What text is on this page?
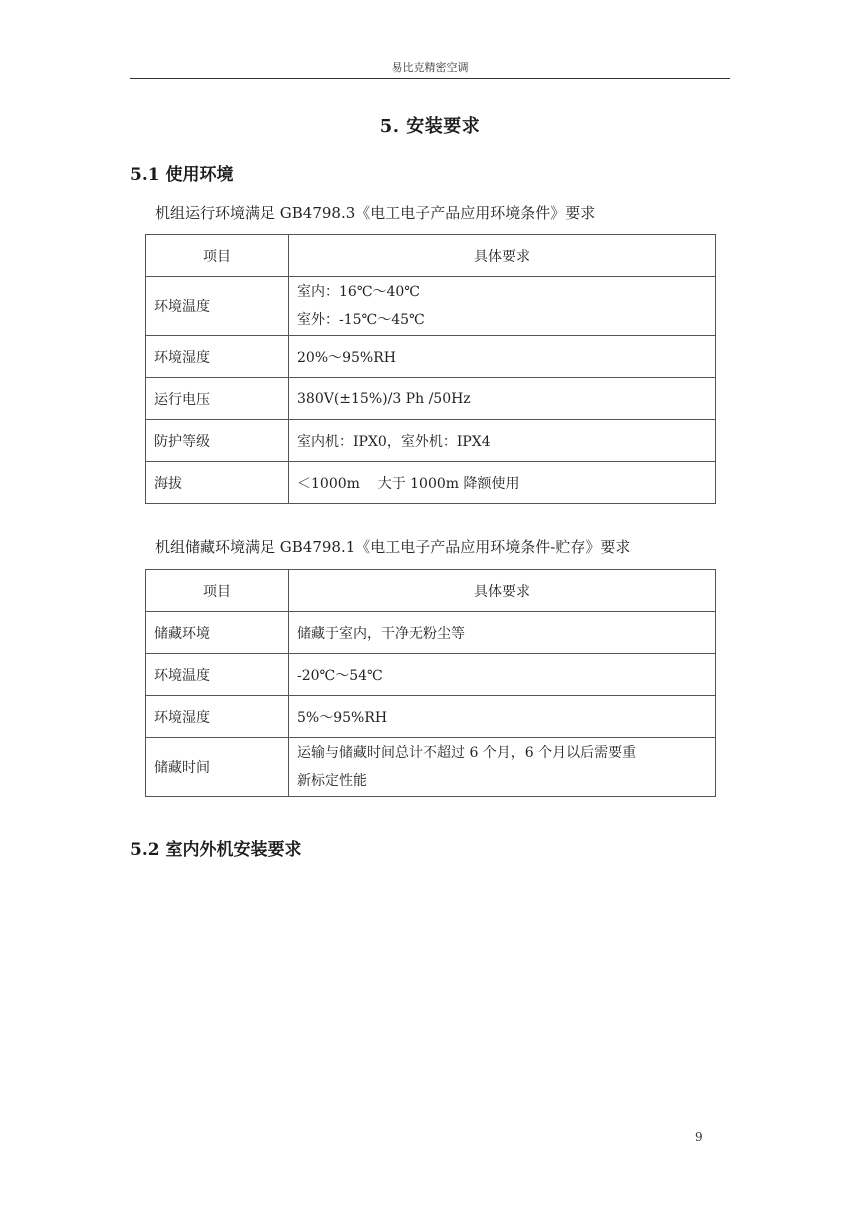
易比克精密空调
5. 安装要求
5.1 使用环境
机组运行环境满足 GB4798.3《电工电子产品应用环境条件》要求
项目	具体要求
环境温度	室内：16℃～40℃
室外：-15℃～45℃

环境湿度	20%～95%RH
运行电压	380V(±15%)/3 Ph /50Hz
防护等级	室内机：IPX0，室外机：IPX4
海拔	＜1000m    大于 1000m 降额使用
机组储藏环境满足 GB4798.1《电工电子产品应用环境条件-贮存》要求
项目	具体要求
储藏环境	储藏于室内，干净无粉尘等
环境温度	-20℃～54℃
环境湿度	5%～95%RH
储藏时间	运输与储藏时间总计不超过 6 个月，6 个月以后需要重
新标定性能
5.2 室内外机安装要求
9
